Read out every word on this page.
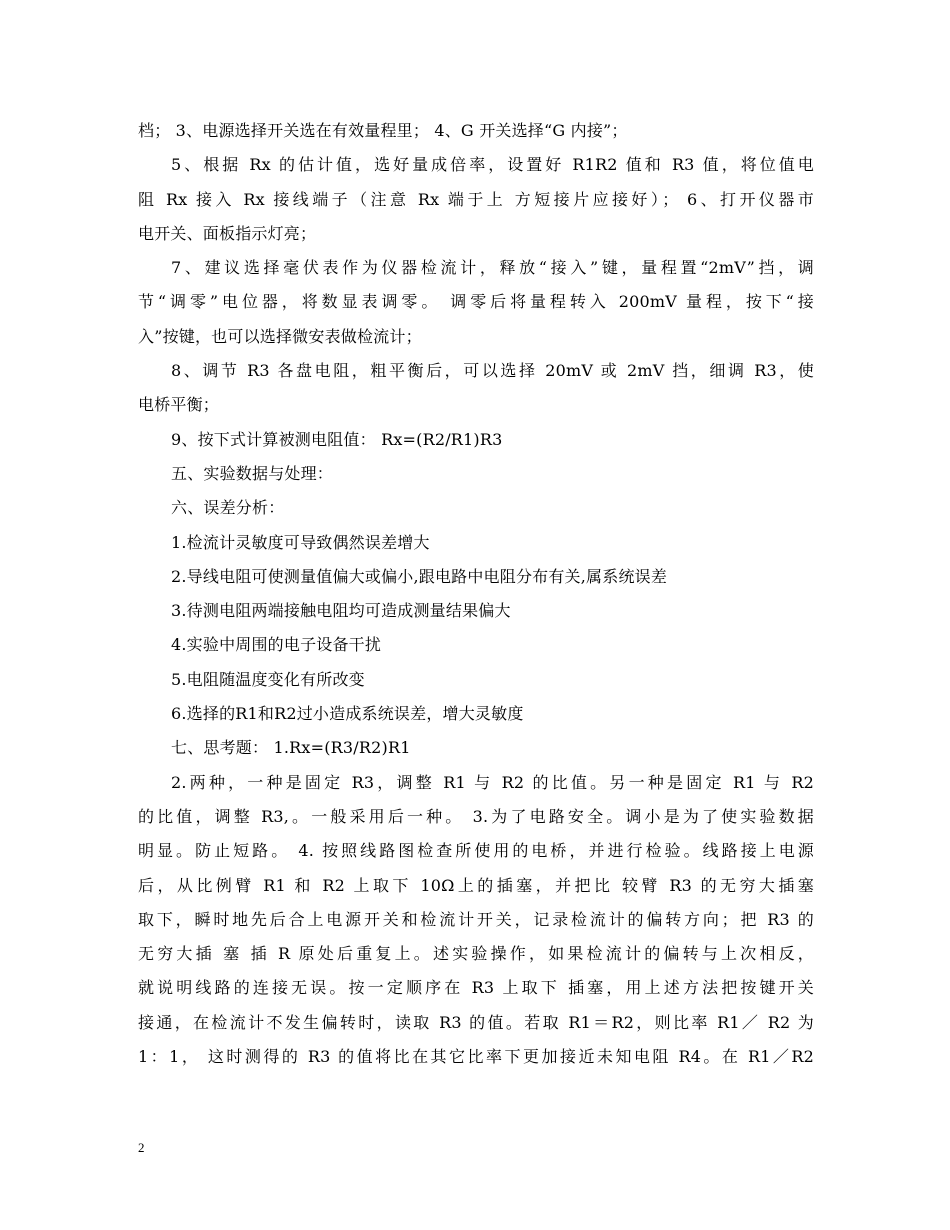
档； 3、电源选择开关选在有效量程里； 4、G 开关选择“G 内接”；
5、根据 Rx 的估计值，选好量成倍率，设置好 R1R2 值和 R3 值，将位值电
阻 Rx 接入 Rx 接线端子（注意 Rx 端于上 方短接片应接好）； 6、打开仪器市
电开关、面板指示灯亮；
7、建议选择毫伏表作为仪器检流计，释放“接入”键，量程置“2mV”挡，调
节“调零”电位器，将数显表调零。 调零后将量程转入 200mV 量程，按下“接
入”按键，也可以选择微安表做检流计；
8、调节 R3 各盘电阻，粗平衡后，可以选择 20mV 或 2mV 挡，细调 R3，使
电桥平衡；
9、按下式计算被测电阻值： Rx=(R2/R1)R3
五、实验数据与处理：
六、误差分析：
1.检流计灵敏度可导致偶然误差增大
2.导线电阻可使测量值偏大或偏小,跟电路中电阻分布有关,属系统误差
3.待测电阻两端接触电阻均可造成测量结果偏大
4.实验中周围的电子设备干扰
5.电阻随温度变化有所改变
6.选择的R1和R2过小造成系统误差，增大灵敏度
七、思考题： 1.Rx=(R3/R2)R1
2.两种，一种是固定 R3，调整 R1 与 R2 的比值。另一种是固定 R1 与 R2
的比值，调整 R3,。一般采用后一种。 3.为了电路安全。调小是为了使实验数据
明显。防止短路。 4. 按照线路图检查所使用的电桥，并进行检验。线路接上电源
后，从比例臂 R1 和 R2 上取下 10Ω上的插塞，并把比 较臂 R3 的无穷大插塞
取下，瞬时地先后合上电源开关和检流计开关，记录检流计的偏转方向；把 R3 的
无穷大插 塞 插 R 原处后重复上。述实验操作，如果检流计的偏转与上次相反，
就说明线路的连接无误。按一定顺序在 R3 上取下 插塞，用上述方法把按键开关
接通，在检流计不发生偏转时，读取 R3 的值。若取 R1＝R2，则比率 R1／ R2 为
1：1， 这时测得的 R3 的值将比在其它比率下更加接近未知电阻 R4。在 R1／R2
2
